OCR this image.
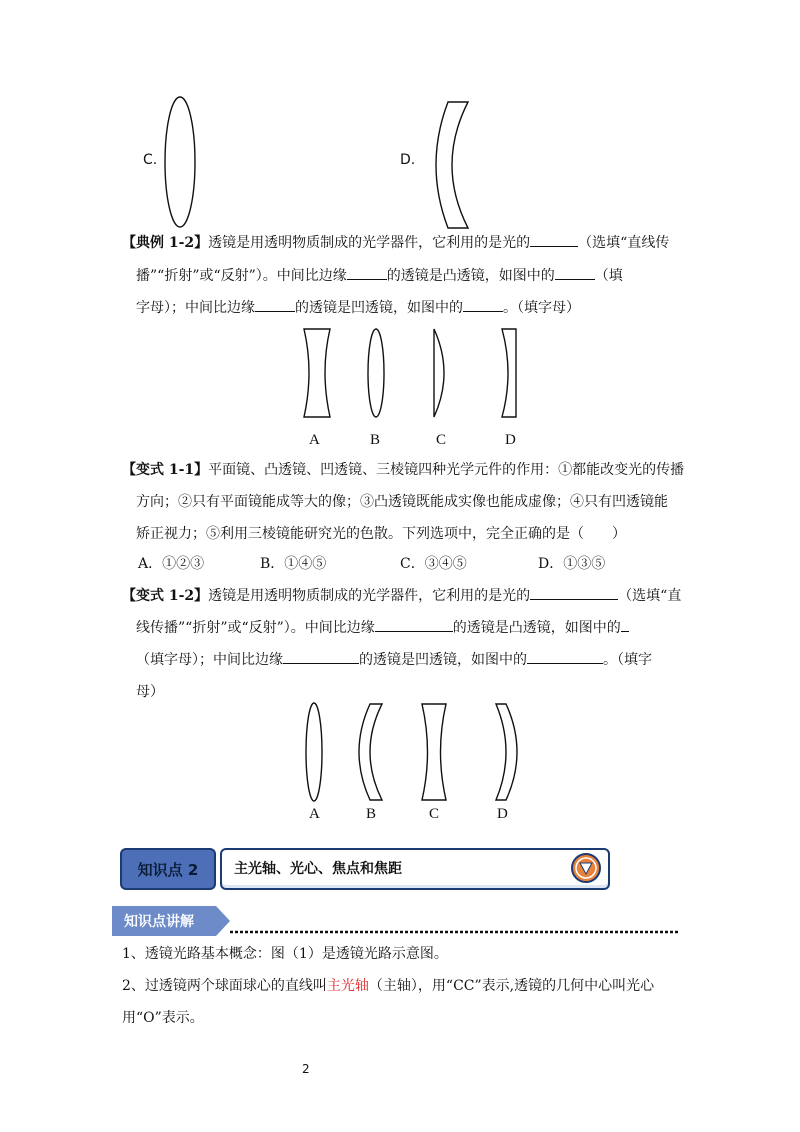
C.	D.
【典例 1-2】透镜是用透明物质制成的光学器件，它利用的是光的	（选填“直线传
播”“折射”或“反射”）。中间比边缘	的透镜是凸透镜，如图中的	（填
字母）；中间比边缘	的透镜是凹透镜，如图中的	。（填字母）
A	B	C	D
【变式 1-1】平面镜、凸透镜、凹透镜、三棱镜四种光学元件的作用：①都能改变光的传播
方向；②只有平面镜能成等大的像；③凸透镜既能成实像也能成虚像；④只有凹透镜能
矫正视力；⑤利用三棱镜能研究光的色散。下列选项中，完全正确的是（　　）
A．①②③	B．①④⑤	C．③④⑤	D．①③⑤
【变式 1-2】透镜是用透明物质制成的光学器件，它利用的是光的	（选填“直
线传播”“折射”或“反射”）。中间比边缘	的透镜是凸透镜，如图中的
（填字母）；中间比边缘	的透镜是凹透镜，如图中的	。（填字
母）
A	B	C	D
知识点 2	主光轴、光心、焦点和焦距
知识点讲解
1、透镜光路基本概念：图（1）是透镜光路示意图。
2、过透镜两个球面球心的直线叫主光轴（主轴），用“CC”表示,透镜的几何中心叫光心
用“O”表示。
2
